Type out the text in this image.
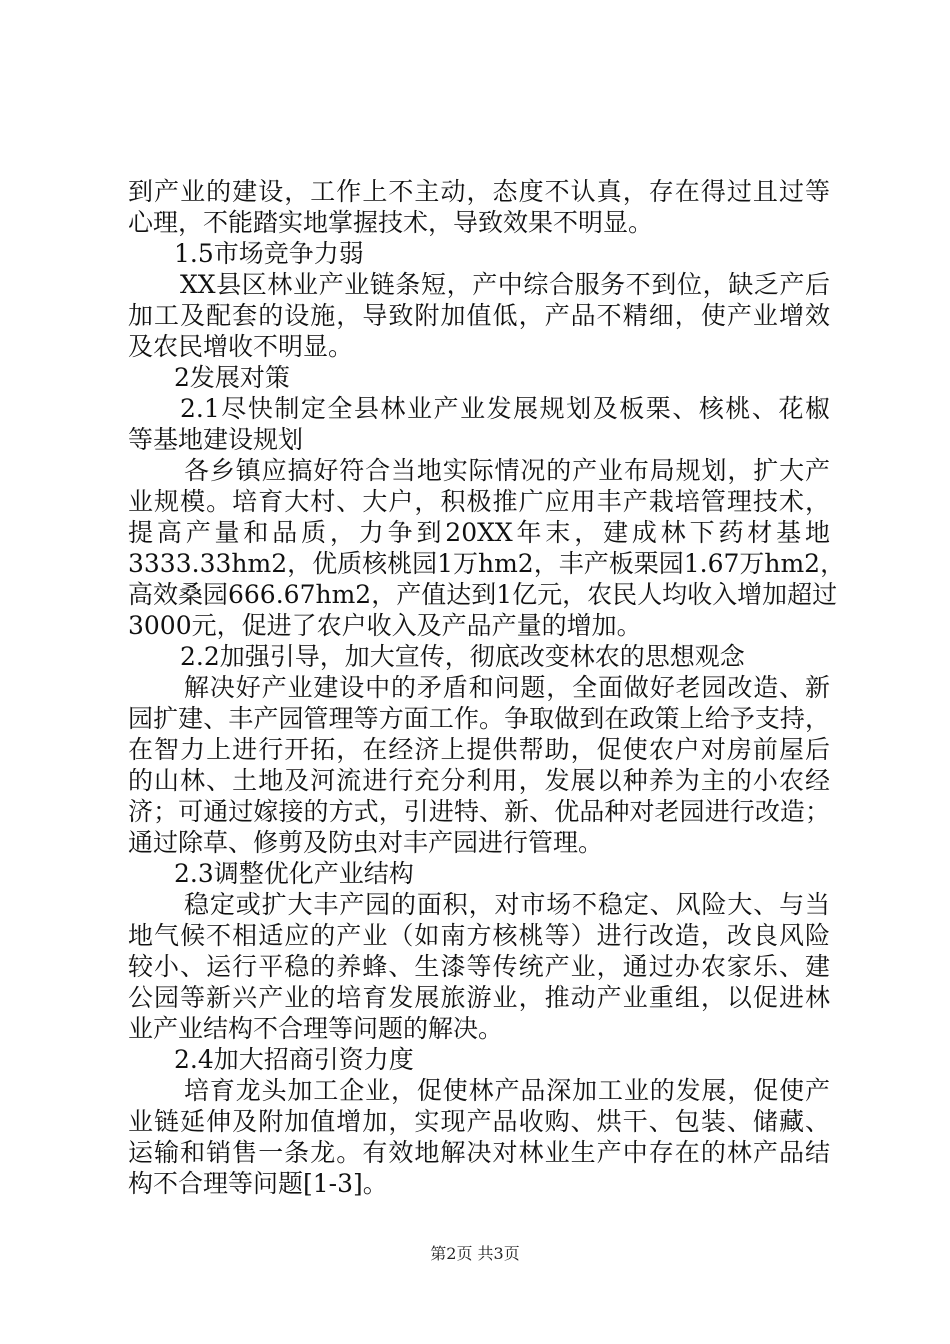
到产业的建设，工作上不主动，态度不认真，存在得过且过等
心理，不能踏实地掌握技术，导致效果不明显。
1.5市场竞争力弱
XX县区林业产业链条短，产中综合服务不到位，缺乏产后
加工及配套的设施，导致附加值低，产品不精细，使产业增效
及农民增收不明显。
2发展对策
2.1尽快制定全县林业产业发展规划及板栗、核桃、花椒
等基地建设规划
各乡镇应搞好符合当地实际情况的产业布局规划，扩大产
业规模。培育大村、大户，积极推广应用丰产栽培管理技术，
提高产量和品质，力争到20XX年末，建成林下药材基地
3333.33hm2，优质核桃园1万hm2，丰产板栗园1.67万hm2，
高效桑园666.67hm2，产值达到1亿元，农民人均收入增加超过
3000元，促进了农户收入及产品产量的增加。
2.2加强引导，加大宣传，彻底改变林农的思想观念
解决好产业建设中的矛盾和问题，全面做好老园改造、新
园扩建、丰产园管理等方面工作。争取做到在政策上给予支持，
在智力上进行开拓，在经济上提供帮助，促使农户对房前屋后
的山林、土地及河流进行充分利用，发展以种养为主的小农经
济；可通过嫁接的方式，引进特、新、优品种对老园进行改造；
通过除草、修剪及防虫对丰产园进行管理。
2.3调整优化产业结构
稳定或扩大丰产园的面积，对市场不稳定、风险大、与当
地气候不相适应的产业（如南方核桃等）进行改造，改良风险
较小、运行平稳的养蜂、生漆等传统产业，通过办农家乐、建
公园等新兴产业的培育发展旅游业，推动产业重组，以促进林
业产业结构不合理等问题的解决。
2.4加大招商引资力度
培育龙头加工企业，促使林产品深加工业的发展，促使产
业链延伸及附加值增加，实现产品收购、烘干、包装、储藏、
运输和销售一条龙。有效地解决对林业生产中存在的林产品结
构不合理等问题[1-3]。
第2页 共3页
